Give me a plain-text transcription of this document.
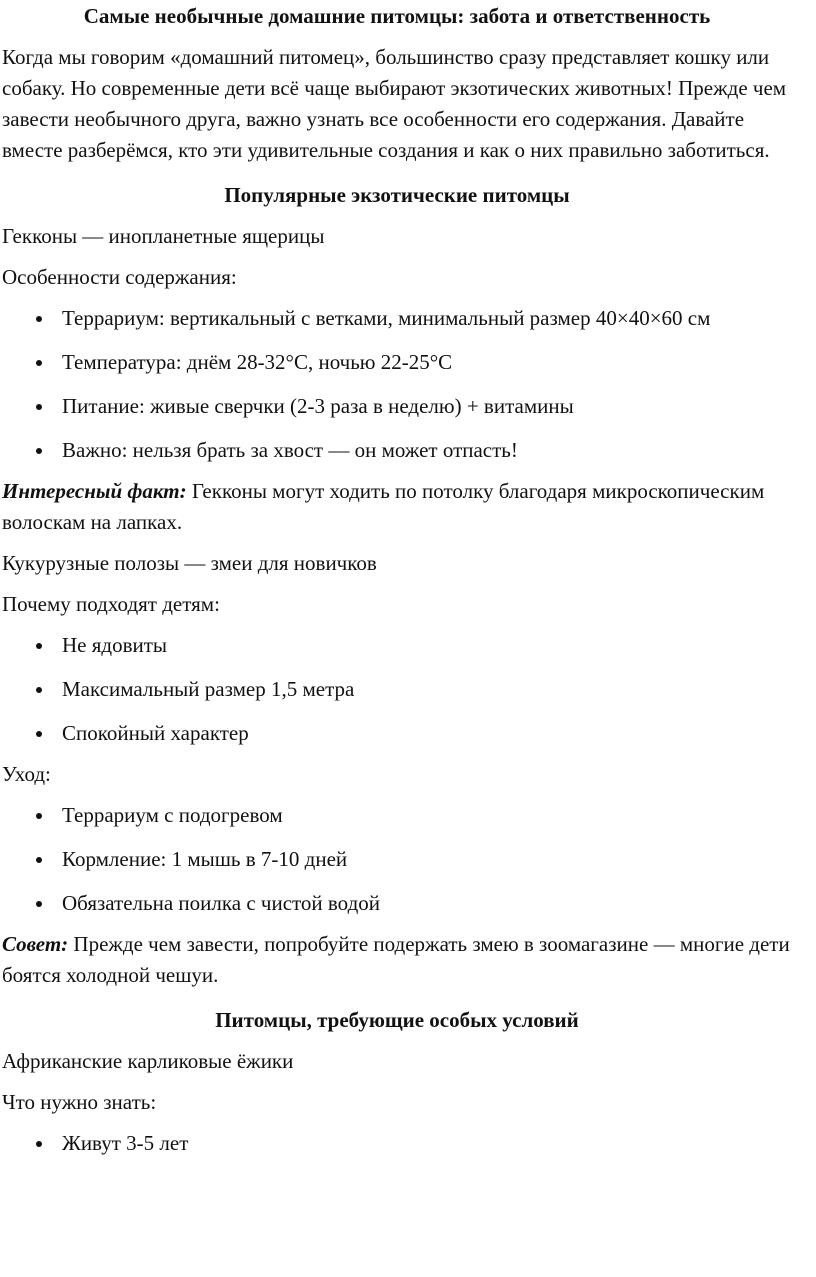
Самые необычные домашние питомцы: забота и ответственность
Когда мы говорим «домашний питомец», большинство сразу представляет кошку или собаку. Но современные дети всё чаще выбирают экзотических животных! Прежде чем завести необычного друга, важно узнать все особенности его содержания. Давайте вместе разберёмся, кто эти удивительные создания и как о них правильно заботиться.
Популярные экзотические питомцы
Гекконы — инопланетные ящерицы
Особенности содержания:
Террариум: вертикальный с ветками, минимальный размер 40×40×60 см
Температура: днём 28-32°C, ночью 22-25°C
Питание: живые сверчки (2-3 раза в неделю) + витамины
Важно: нельзя брать за хвост — он может отпасть!
Интересный факт: Гекконы могут ходить по потолку благодаря микроскопическим волоскам на лапках.
Кукурузные полозы — змеи для новичков
Почему подходят детям:
Не ядовиты
Максимальный размер 1,5 метра
Спокойный характер
Уход:
Террариум с подогревом
Кормление: 1 мышь в 7-10 дней
Обязательна поилка с чистой водой
Совет: Прежде чем завести, попробуйте подержать змею в зоомагазине — многие дети боятся холодной чешуи.
Питомцы, требующие особых условий
Африканские карликовые ёжики
Что нужно знать:
Живут 3-5 лет
